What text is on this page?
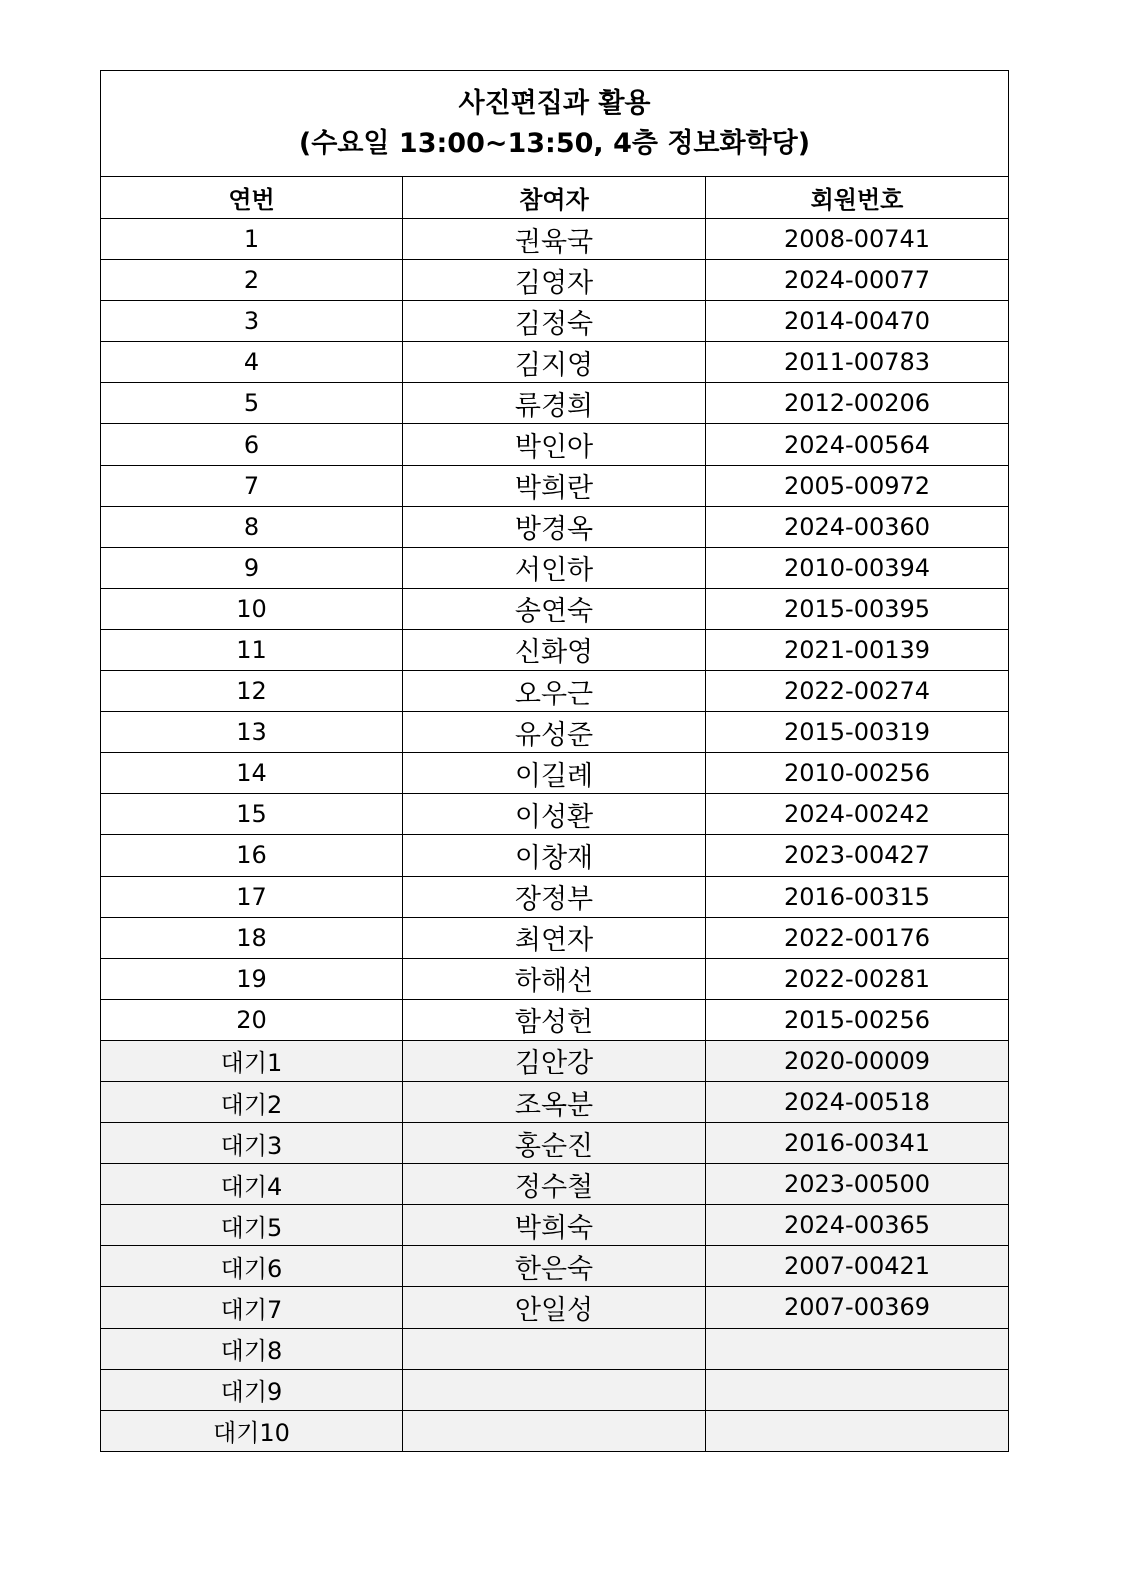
사진편집과 활용
(수요일 13:00~13:50, 4층 정보화학당)		

연번	참여자	회원번호
1	권육국	2008-00741
2	김영자	2024-00077
3	김정숙	2014-00470
4	김지영	2011-00783
5	류경희	2012-00206
6	박인아	2024-00564
7	박희란	2005-00972
8	방경옥	2024-00360
9	서인하	2010-00394
10	송연숙	2015-00395
11	신화영	2021-00139
12	오우근	2022-00274
13	유성준	2015-00319
14	이길례	2010-00256
15	이성환	2024-00242
16	이창재	2023-00427
17	장정부	2016-00315
18	최연자	2022-00176
19	하해선	2022-00281
20	함성헌	2015-00256
대기1	김안강	2020-00009
대기2	조옥분	2024-00518
대기3	홍순진	2016-00341
대기4	정수철	2023-00500
대기5	박희숙	2024-00365
대기6	한은숙	2007-00421
대기7	안일성	2007-00369
대기8		
대기9		
대기10		
